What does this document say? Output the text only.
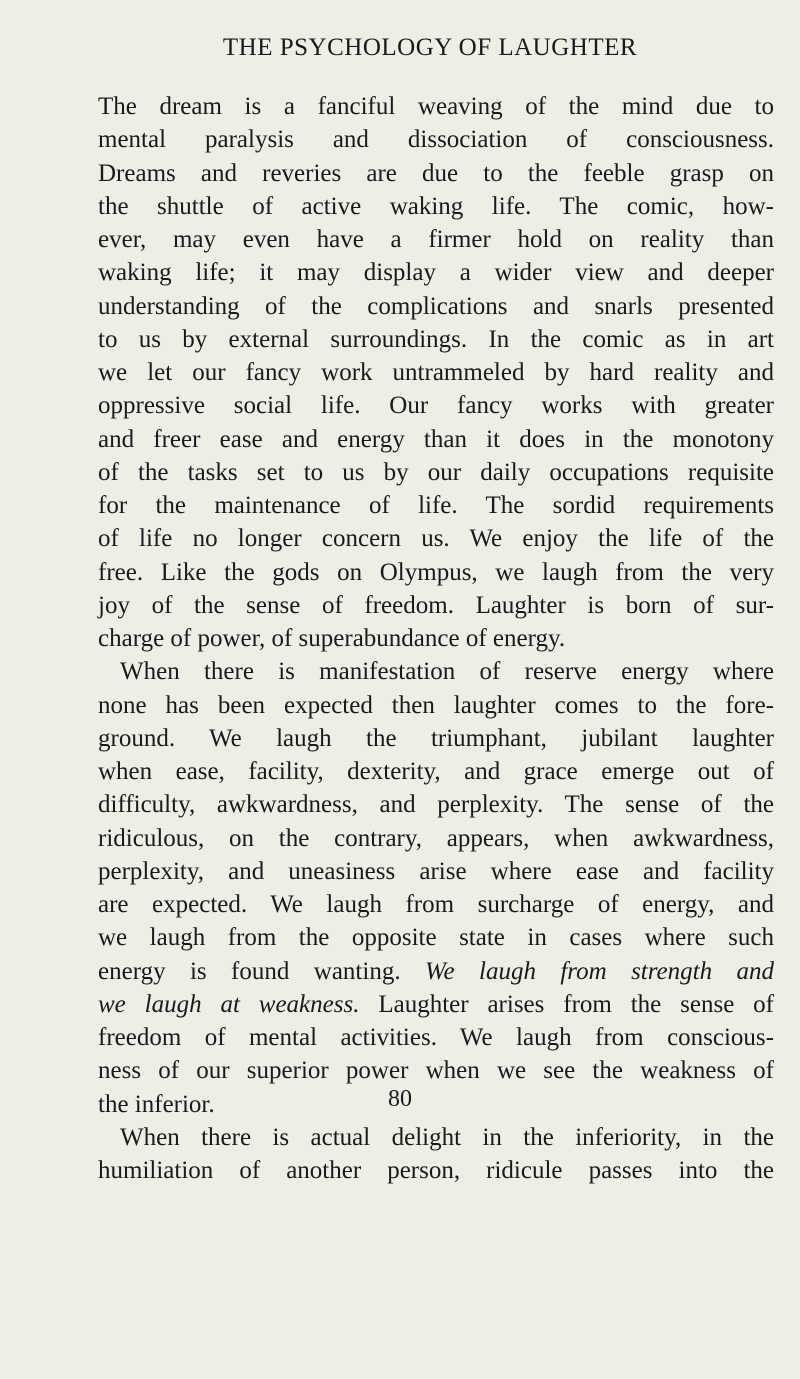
THE PSYCHOLOGY OF LAUGHTER
The dream is a fanciful weaving of the mind due to
mental paralysis and dissociation of consciousness.
Dreams and reveries are due to the feeble grasp on
the shuttle of active waking life. The comic, how-
ever, may even have a firmer hold on reality than
waking life; it may display a wider view and deeper
understanding of the complications and snarls presented
to us by external surroundings. In the comic as in art
we let our fancy work untrammeled by hard reality and
oppressive social life. Our fancy works with greater
and freer ease and energy than it does in the monotony
of the tasks set to us by our daily occupations requisite
for the maintenance of life. The sordid requirements
of life no longer concern us. We enjoy the life of the
free. Like the gods on Olympus, we laugh from the very
joy of the sense of freedom. Laughter is born of sur-
charge of power, of superabundance of energy.
When there is manifestation of reserve energy where
none has been expected then laughter comes to the fore-
ground. We laugh the triumphant, jubilant laughter
when ease, facility, dexterity, and grace emerge out of
difficulty, awkwardness, and perplexity. The sense of the
ridiculous, on the contrary, appears, when awkwardness,
perplexity, and uneasiness arise where ease and facility
are expected. We laugh from surcharge of energy, and
we laugh from the opposite state in cases where such
energy is found wanting. We laugh from strength and
we laugh at weakness. Laughter arises from the sense of
freedom of mental activities. We laugh from conscious-
ness of our superior power when we see the weakness of
the inferior.
When there is actual delight in the inferiority, in the
humiliation of another person, ridicule passes into the
80
